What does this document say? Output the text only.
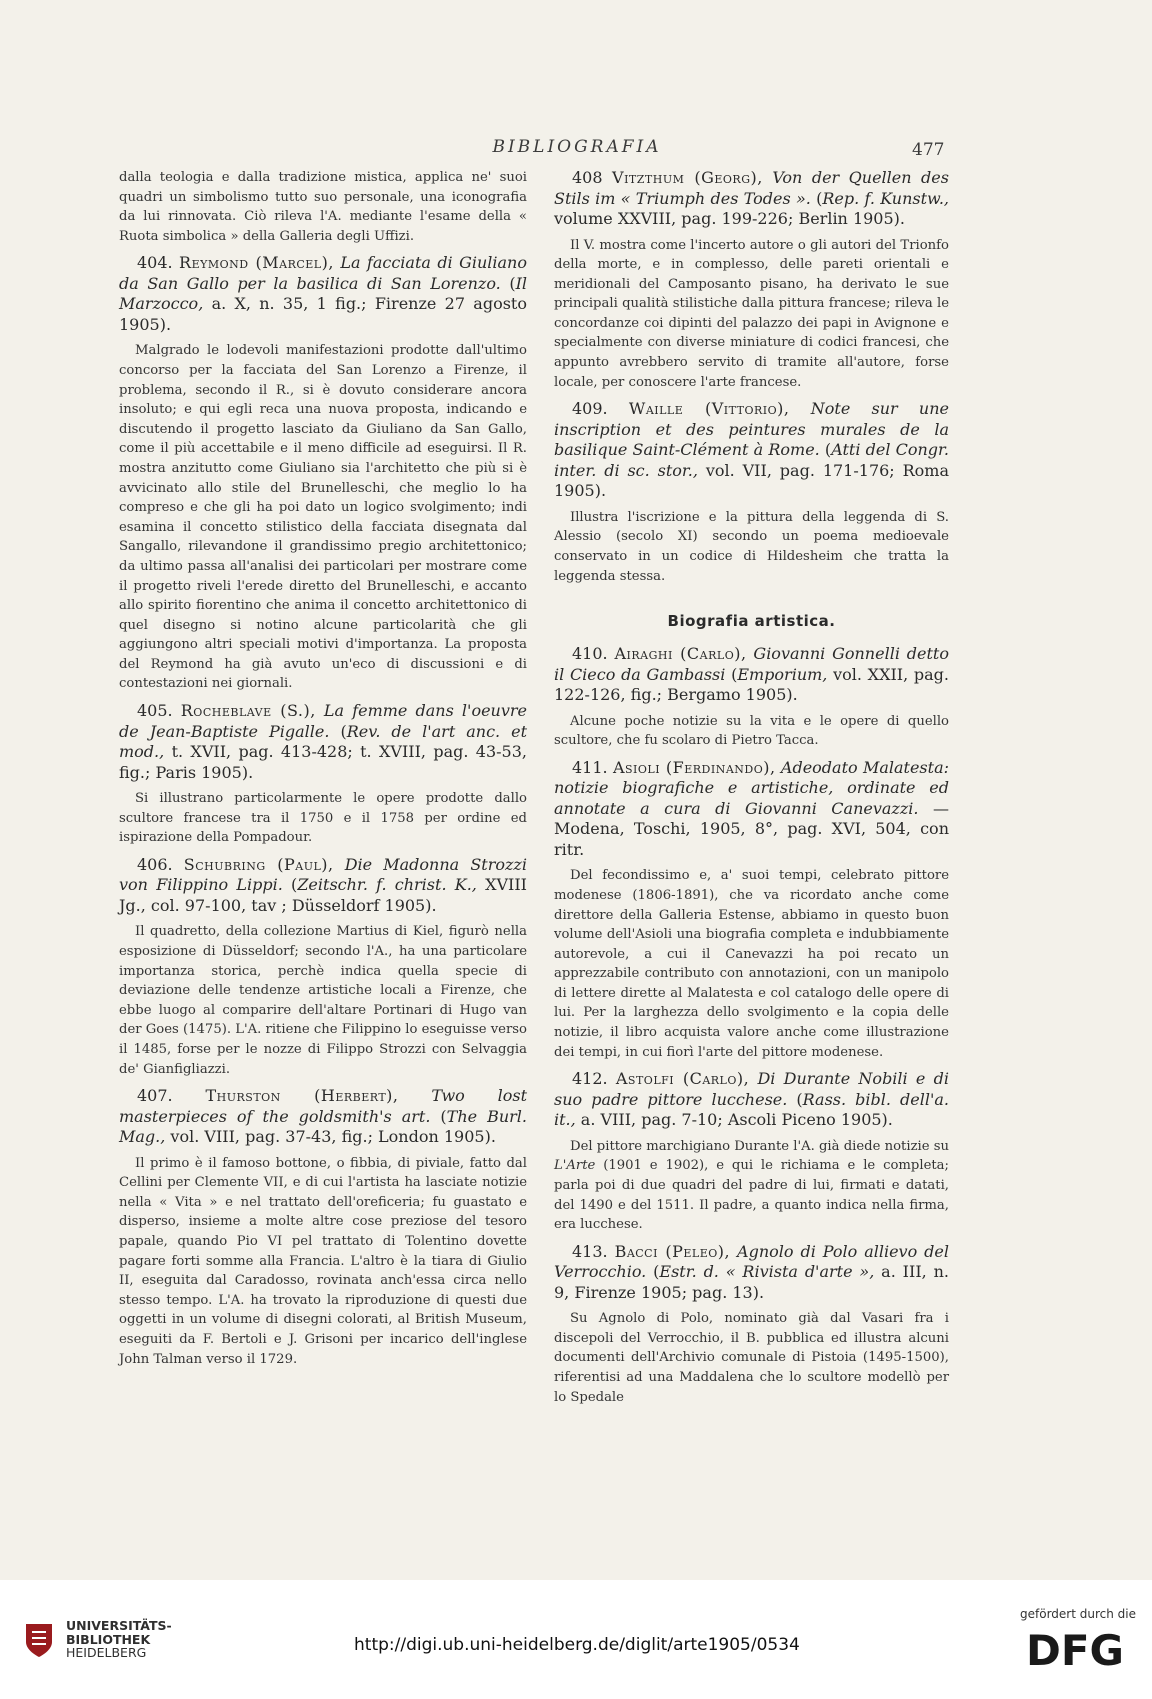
BIBLIOGRAFIA	477

dalla teologia e dalla tradizione mistica, applica ne' suoi quadri un simbolismo tutto suo personale, una iconografia da lui rinnovata. Ciò rileva l'A. mediante l'esame della « Ruota simbolica » della Galleria degli Uffizi.

404. Reymond (Marcel), La facciata di Giuliano da San Gallo per la basilica di San Lorenzo. (Il Marzocco, a. X, n. 35, 1 fig.; Firenze 27 agosto 1905).

Malgrado le lodevoli manifestazioni prodotte dall'ultimo concorso per la facciata del San Lorenzo a Firenze, il problema, secondo il R., si è dovuto considerare ancora insoluto; e qui egli reca una nuova proposta, indicando e discutendo il progetto lasciato da Giuliano da San Gallo, come il più accettabile e il meno difficile ad eseguirsi. Il R. mostra anzitutto come Giuliano sia l'architetto che più si è avvicinato allo stile del Brunelleschi, che meglio lo ha compreso e che gli ha poi dato un logico svolgimento; indi esamina il concetto stilistico della facciata disegnata dal Sangallo, rilevandone il grandissimo pregio architettonico; da ultimo passa all'analisi dei particolari per mostrare come il progetto riveli l'erede diretto del Brunelleschi, e accanto allo spirito fiorentino che anima il concetto architettonico di quel disegno si notino alcune particolarità che gli aggiungono altri speciali motivi d'importanza. La proposta del Reymond ha già avuto un'eco di discussioni e di contestazioni nei giornali.

405. Rocheblave (S.), La femme dans l'oeuvre de Jean-Baptiste Pigalle. (Rev. de l'art anc. et mod., t. XVII, pag. 413-428; t. XVIII, pag. 43-53, fig.; Paris 1905).

Si illustrano particolarmente le opere prodotte dallo scultore francese tra il 1750 e il 1758 per ordine ed ispirazione della Pompadour.

406. Schubring (Paul), Die Madonna Strozzi von Filippino Lippi. (Zeitschr. f. christ. K., XVIII Jg., col. 97-100, tav ; Düsseldorf 1905).

Il quadretto, della collezione Martius di Kiel, figurò nella esposizione di Düsseldorf; secondo l'A., ha una particolare importanza storica, perchè indica quella specie di deviazione delle tendenze artistiche locali a Firenze, che ebbe luogo al comparire dell'altare Portinari di Hugo van der Goes (1475). L'A. ritiene che Filippino lo eseguisse verso il 1485, forse per le nozze di Filippo Strozzi con Selvaggia de' Gianfigliazzi.

407. Thurston (Herbert), Two lost masterpieces of the goldsmith's art. (The Burl. Mag., vol. VIII, pag. 37-43, fig.; London 1905).

Il primo è il famoso bottone, o fibbia, di piviale, fatto dal Cellini per Clemente VII, e di cui l'artista ha lasciate notizie nella « Vita » e nel trattato dell'oreficeria; fu guastato e disperso, insieme a molte altre cose preziose del tesoro papale, quando Pio VI pel trattato di Tolentino dovette pagare forti somme alla Francia. L'altro è la tiara di Giulio II, eseguita dal Caradosso, rovinata anch'essa circa nello stesso tempo. L'A. ha trovato la riproduzione di questi due oggetti in un volume di disegni colorati, al British Museum, eseguiti da F. Bertoli e J. Grisoni per incarico dell'inglese John Talman verso il 1729.

408 Vitzthum (Georg), Von der Quellen des Stils im « Triumph des Todes ». (Rep. f. Kunstw., volume XXVIII, pag. 199-226; Berlin 1905).

Il V. mostra come l'incerto autore o gli autori del Trionfo della morte, e in complesso, delle pareti orientali e meridionali del Camposanto pisano, ha derivato le sue principali qualità stilistiche dalla pittura francese; rileva le concordanze coi dipinti del palazzo dei papi in Avignone e specialmente con diverse miniature di codici francesi, che appunto avrebbero servito di tramite all'autore, forse locale, per conoscere l'arte francese.

409. Waille (Vittorio), Note sur une inscription et des peintures murales de la basilique Saint-Clément à Rome. (Atti del Congr. inter. di sc. stor., vol. VII, pag. 171-176; Roma 1905).

Illustra l'iscrizione e la pittura della leggenda di S. Alessio (secolo XI) secondo un poema medioevale conservato in un codice di Hildesheim che tratta la leggenda stessa.

Biografia artistica.

410. Airaghi (Carlo), Giovanni Gonnelli detto il Cieco da Gambassi (Emporium, vol. XXII, pag. 122-126, fig.; Bergamo 1905).

Alcune poche notizie su la vita e le opere di quello scultore, che fu scolaro di Pietro Tacca.

411. Asioli (Ferdinando), Adeodato Malatesta: notizie biografiche e artistiche, ordinate ed annotate a cura di Giovanni Canevazzi. — Modena, Toschi, 1905, 8°, pag. XVI, 504, con ritr.

Del fecondissimo e, a' suoi tempi, celebrato pittore modenese (1806-1891), che va ricordato anche come direttore della Galleria Estense, abbiamo in questo buon volume dell'Asioli una biografia completa e indubbiamente autorevole, a cui il Canevazzi ha poi recato un apprezzabile contributo con annotazioni, con un manipolo di lettere dirette al Malatesta e col catalogo delle opere di lui. Per la larghezza dello svolgimento e la copia delle notizie, il libro acquista valore anche come illustrazione dei tempi, in cui fiorì l'arte del pittore modenese.

412. Astolfi (Carlo), Di Durante Nobili e di suo padre pittore lucchese. (Rass. bibl. dell'a. it., a. VIII, pag. 7-10; Ascoli Piceno 1905).

Del pittore marchigiano Durante l'A. già diede notizie su L'Arte (1901 e 1902), e qui le richiama e le completa; parla poi di due quadri del padre di lui, firmati e datati, del 1490 e del 1511. Il padre, a quanto indica nella firma, era lucchese.

413. Bacci (Peleo), Agnolo di Polo allievo del Verrocchio. (Estr. d. « Rivista d'arte », a. III, n. 9, Firenze 1905; pag. 13).

Su Agnolo di Polo, nominato già dal Vasari fra i discepoli del Verrocchio, il B. pubblica ed illustra alcuni documenti dell'Archivio comunale di Pistoia (1495-1500), riferentisi ad una Maddalena che lo scultore modellò per lo Spedale

UNIVERSITÄTS-
BIBLIOTHEK
HEIDELBERG	http://digi.ub.uni-heidelberg.de/diglit/arte1905/0534
gefördert durch die
DFG
